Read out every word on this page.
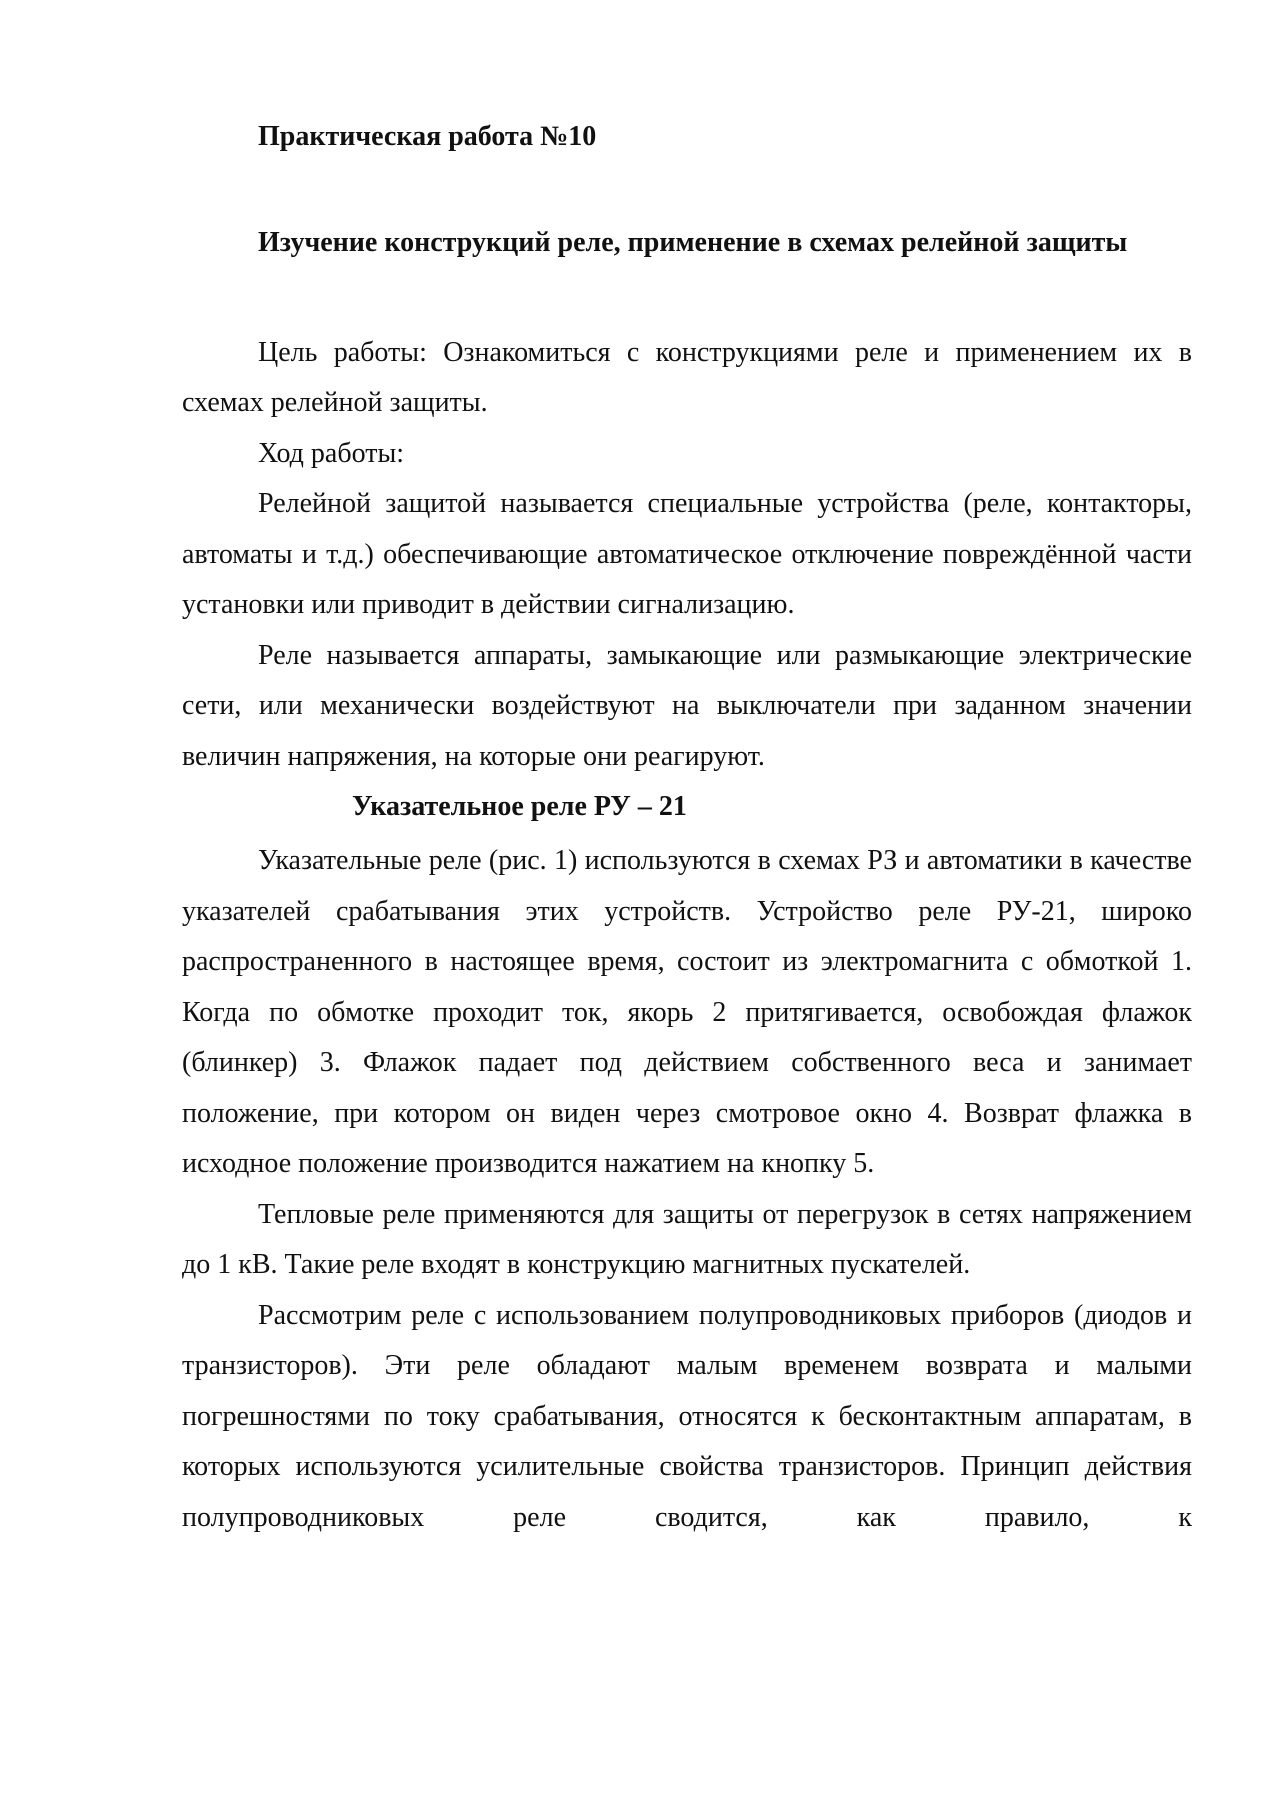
Практическая работа №10

Изучение конструкций реле, применение в схемах релейной защиты

Цель работы: Ознакомиться с конструкциями реле и применением их в схемах релейной защиты.

Ход работы:

Релейной защитой называется специальные устройства (реле, контакторы, автоматы и т.д.) обеспечивающие автоматическое отключение повреждённой части установки или приводит в действии сигнализацию.

Реле называется аппараты, замыкающие или размыкающие электрические сети, или механически воздействуют на выключатели при заданном значении величин напряжения, на которые они реагируют.

Указательное реле РУ – 21

Указательные реле (рис. 1) используются в схемах РЗ и автоматики в качестве указателей срабатывания этих устройств. Устройство реле РУ-21, широко распространенного в настоящее время, состоит из электромагнита с обмоткой 1. Когда по обмотке проходит ток, якорь 2 притягивается, освобождая флажок (блинкер) 3. Флажок падает под действием собственного веса и занимает положение, при котором он виден через смотровое окно 4. Возврат флажка в исходное положение производится нажатием на кнопку 5.

Тепловые реле применяются для защиты от перегрузок в сетях напряжением до 1 кВ. Такие реле входят в конструкцию магнитных пускателей.

Рассмотрим реле с использованием полупроводниковых приборов (диодов и транзисторов). Эти реле обладают малым временем возврата и малыми погрешностями по току срабатывания, относятся к бесконтактным аппаратам, в которых используются усилительные свойства транзисторов. Принцип действия полупроводниковых реле сводится, как правило, к
